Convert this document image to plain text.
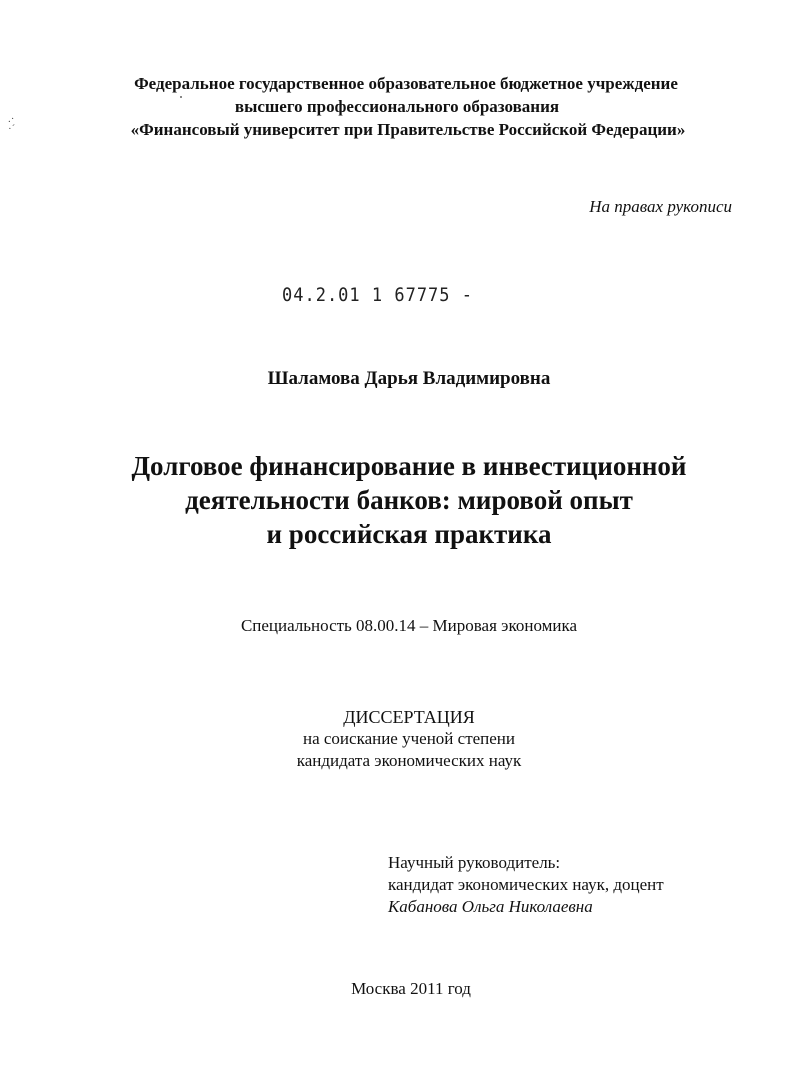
.·
·´
Федеральное государственное образовательное бюджетное учреждение
высшего профессионального образования
«Финансовый университет при Правительстве Российской Федерации»
На правах рукописи
04.2.01 1 67775 -
Шаламова Дарья Владимировна
Долговое финансирование в инвестиционной
деятельности банков: мировой опыт
и российская практика
Специальность 08.00.14 – Мировая экономика
ДИССЕРТАЦИЯ
на соискание ученой степени
кандидата экономических наук
Научный руководитель:
кандидат экономических наук, доцент
Кабанова Ольга Николаевна
Москва 2011 год
